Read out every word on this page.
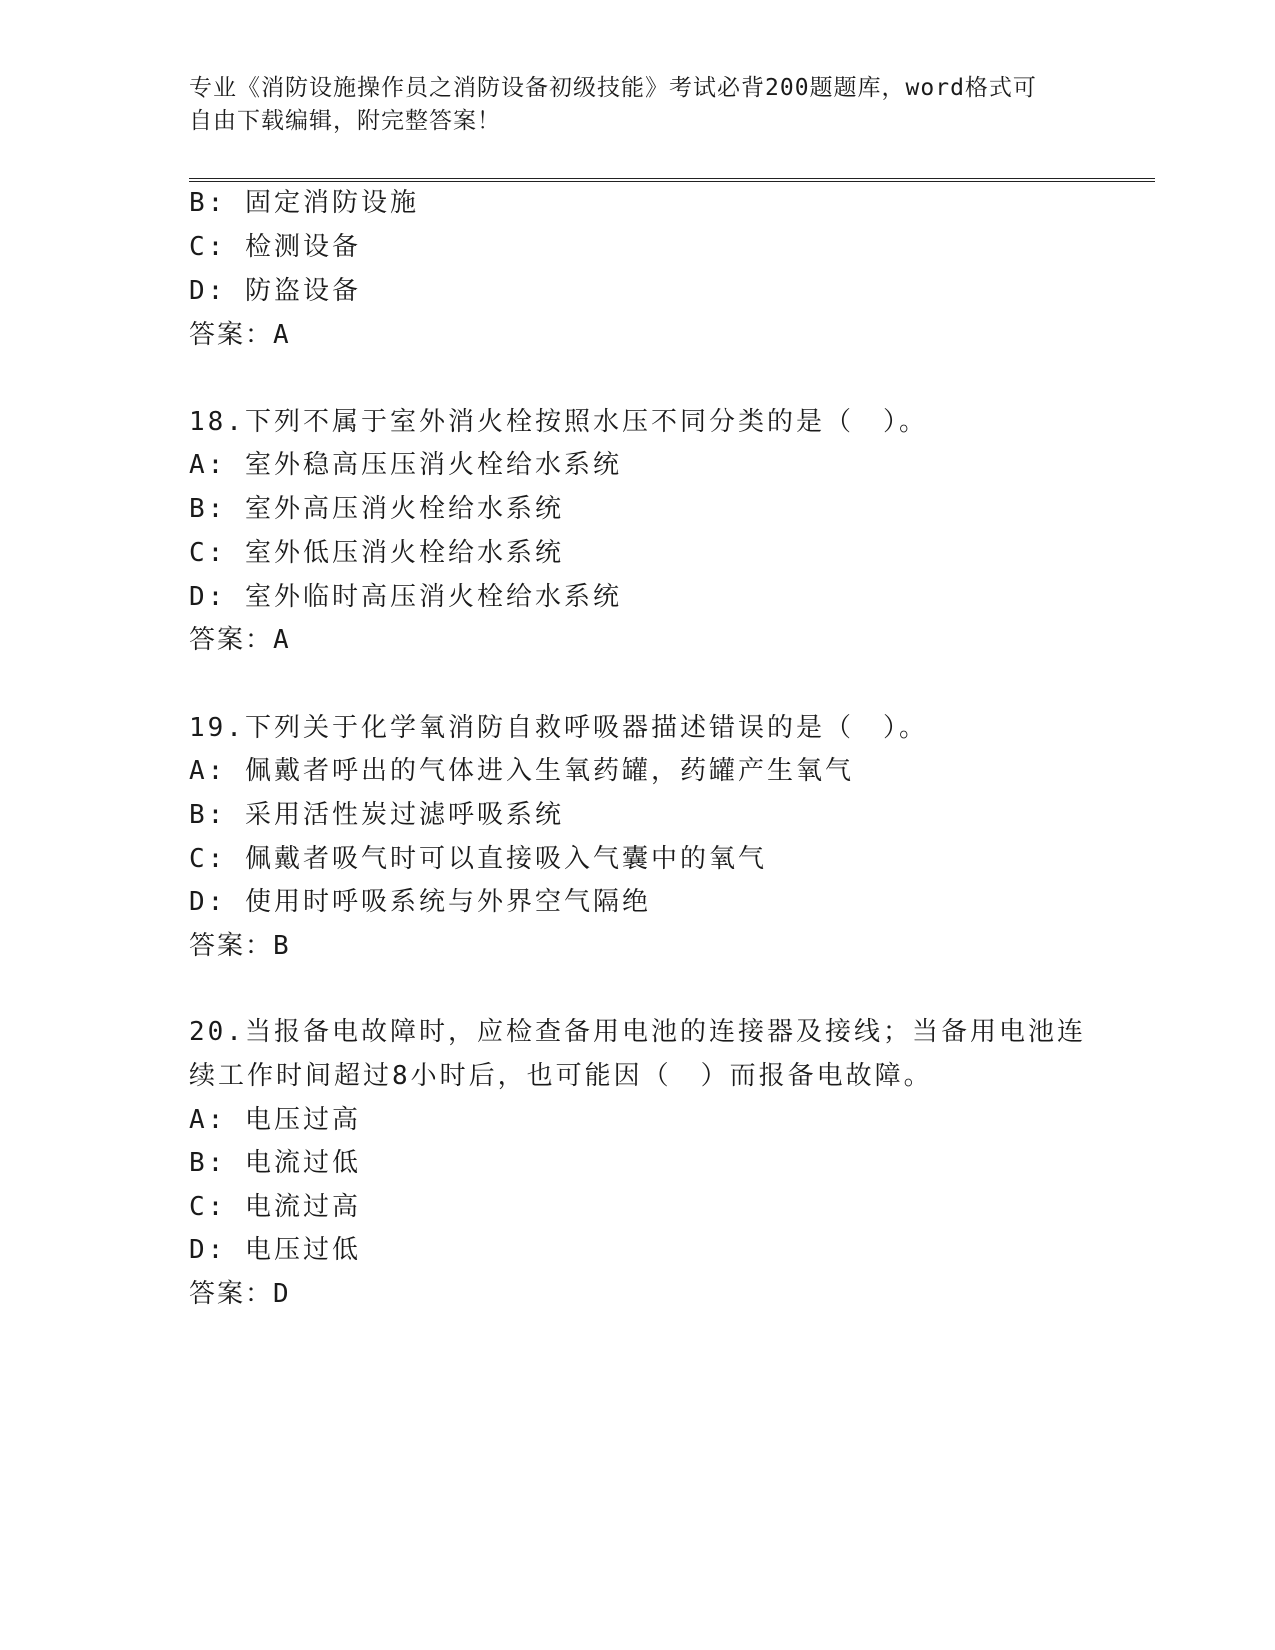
专业《消防设施操作员之消防设备初级技能》考试必背200题题库，word格式可
自由下载编辑，附完整答案！
B: 固定消防设施
C: 检测设备
D: 防盗设备
答案：A
18.下列不属于室外消火栓按照水压不同分类的是（　）。
A: 室外稳高压压消火栓给水系统
B: 室外高压消火栓给水系统
C: 室外低压消火栓给水系统
D: 室外临时高压消火栓给水系统
答案：A
19.下列关于化学氧消防自救呼吸器描述错误的是（　）。
A: 佩戴者呼出的气体进入生氧药罐，药罐产生氧气
B: 采用活性炭过滤呼吸系统
C: 佩戴者吸气时可以直接吸入气囊中的氧气
D: 使用时呼吸系统与外界空气隔绝
答案：B
20.当报备电故障时，应检查备用电池的连接器及接线；当备用电池连
续工作时间超过8小时后，也可能因（　）而报备电故障。
A: 电压过高
B: 电流过低
C: 电流过高
D: 电压过低
答案：D
